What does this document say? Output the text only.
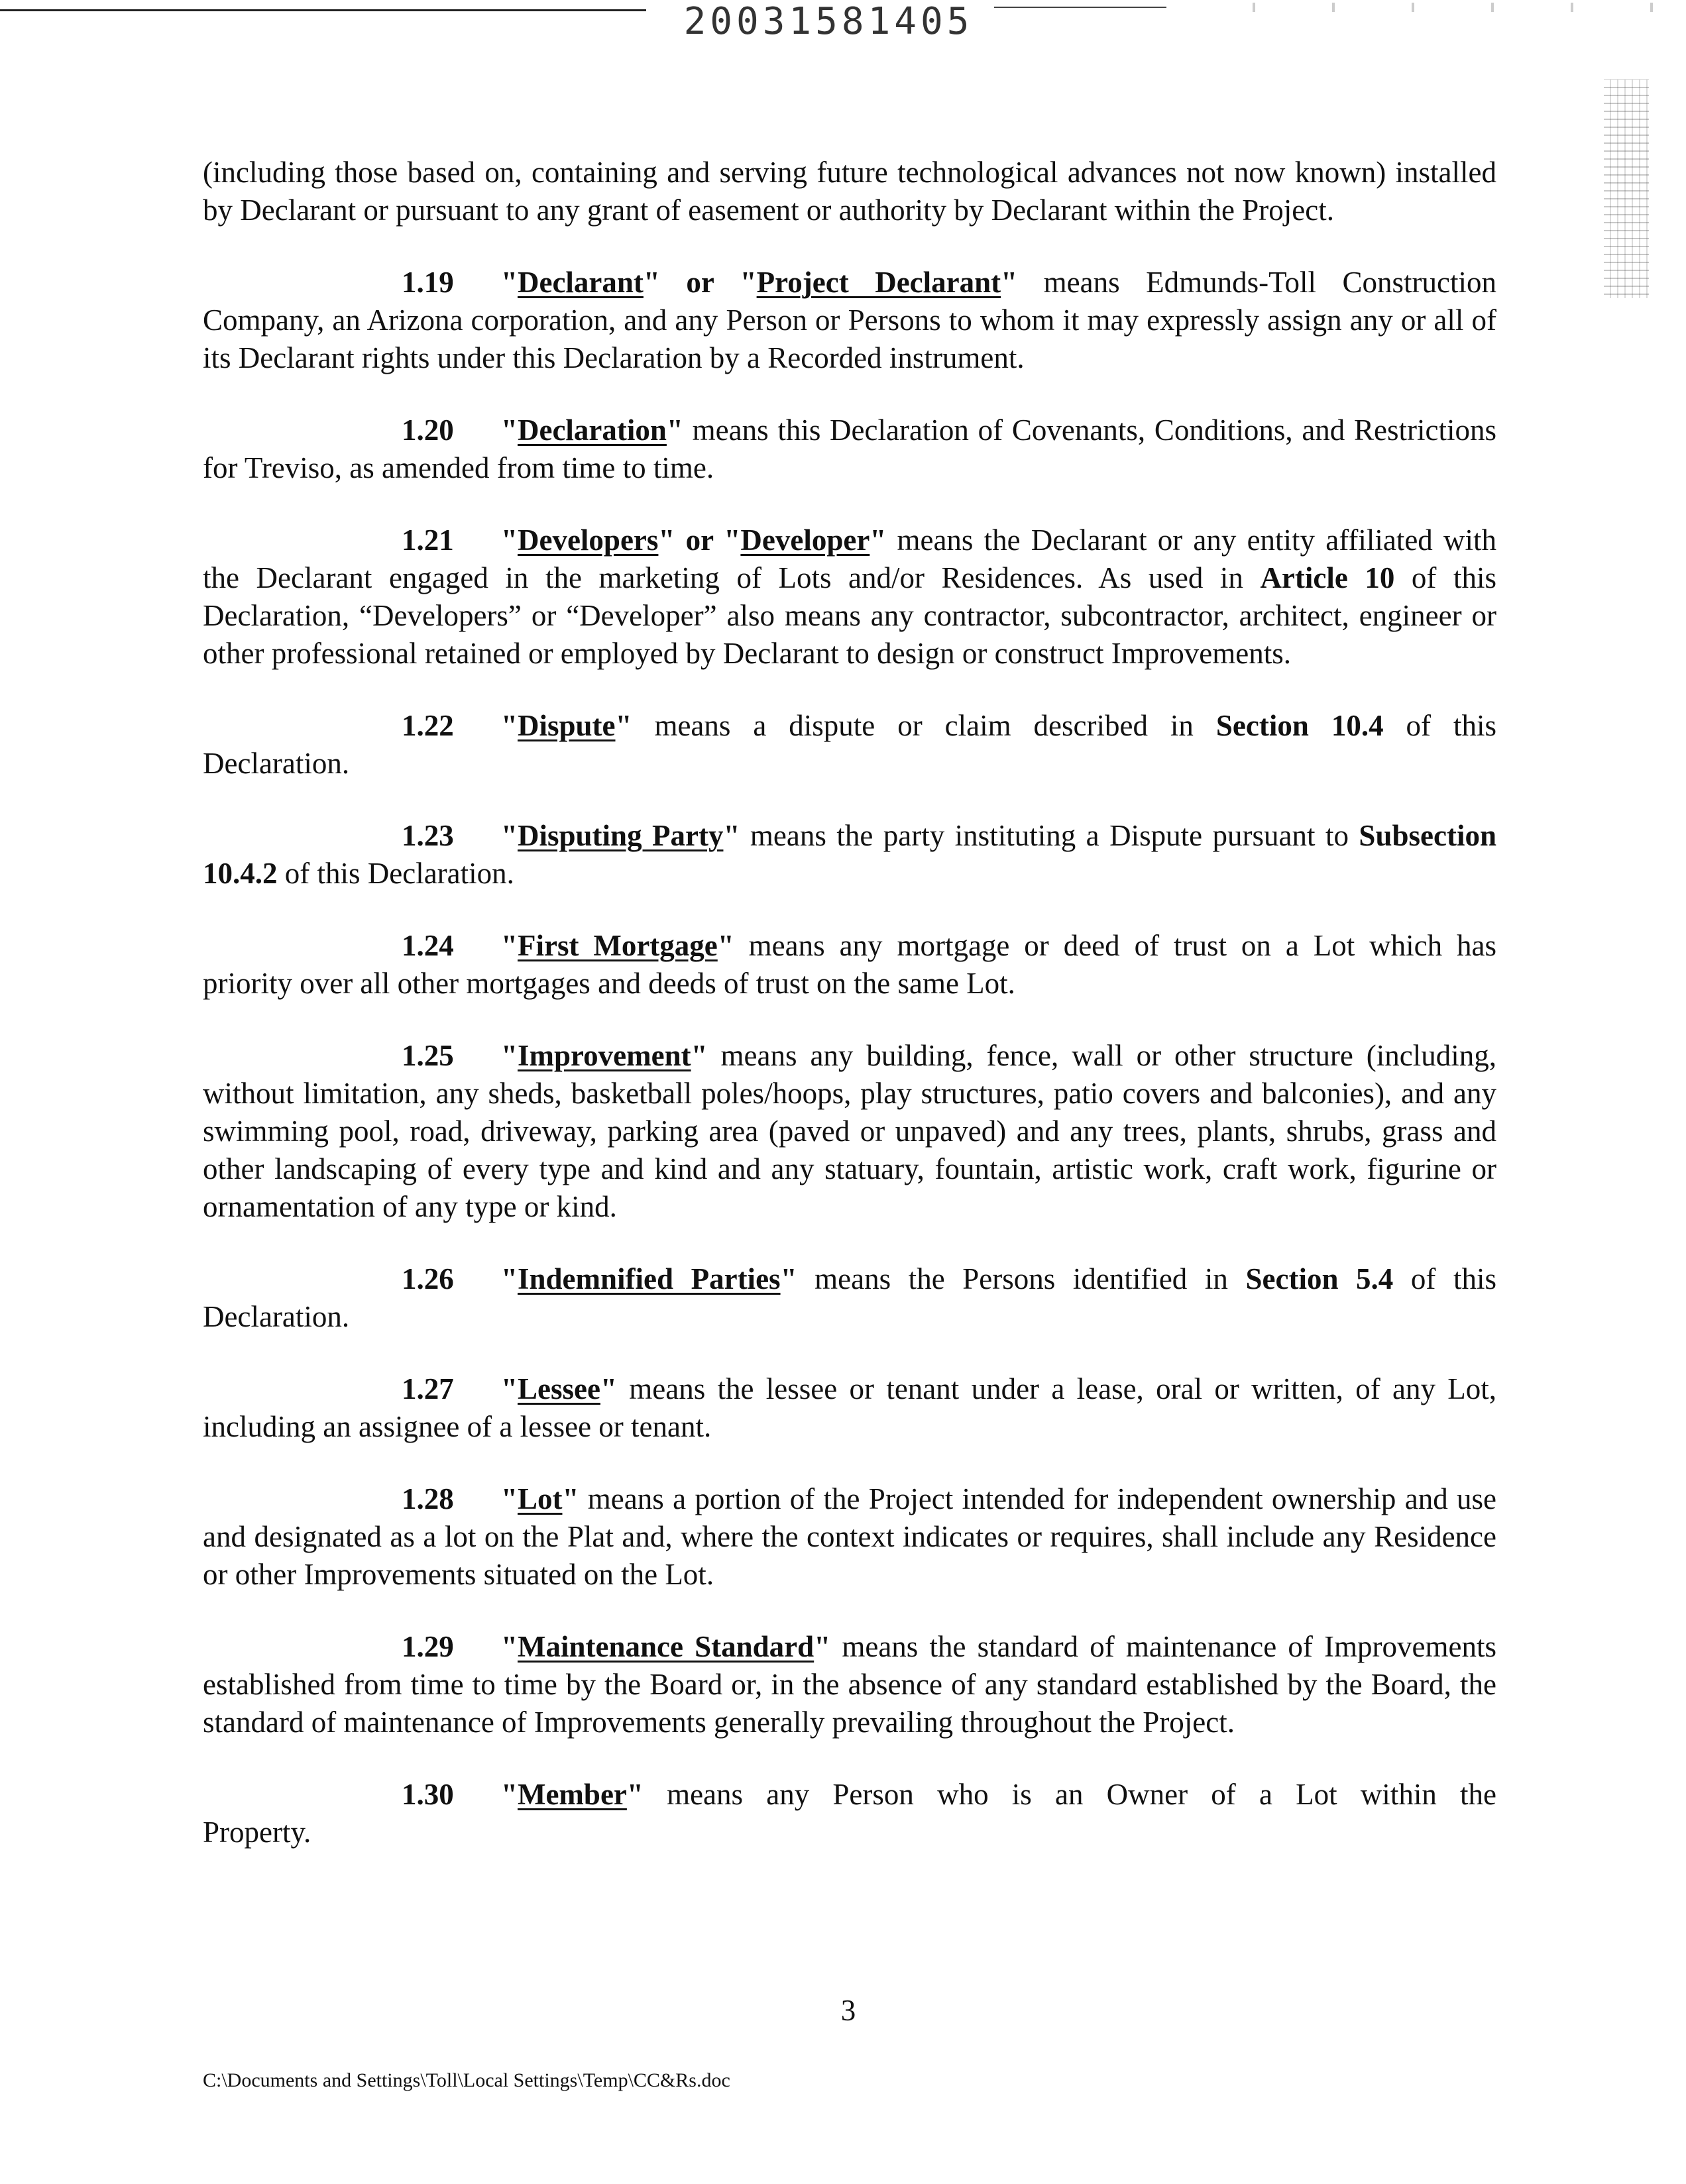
20031581405

(including those based on, containing and serving future technological advances not now known) installed by Declarant or pursuant to any grant of easement or authority by Declarant within the Project.

1.19 "Declarant" or "Project Declarant" means Edmunds-Toll Construction Company, an Arizona corporation, and any Person or Persons to whom it may expressly assign any or all of its Declarant rights under this Declaration by a Recorded instrument.

1.20 "Declaration" means this Declaration of Covenants, Conditions, and Restrictions for Treviso, as amended from time to time.

1.21 "Developers" or "Developer" means the Declarant or any entity affiliated with the Declarant engaged in the marketing of Lots and/or Residences. As used in Article 10 of this Declaration, “Developers” or “Developer” also means any contractor, subcontractor, architect, engineer or other professional retained or employed by Declarant to design or construct Improvements.

1.22 "Dispute" means a dispute or claim described in Section 10.4 of this
Declaration.

1.23 "Disputing Party" means the party instituting a Dispute pursuant to Subsection 10.4.2 of this Declaration.

1.24 "First Mortgage" means any mortgage or deed of trust on a Lot which has priority over all other mortgages and deeds of trust on the same Lot.

1.25 "Improvement" means any building, fence, wall or other structure (including, without limitation, any sheds, basketball poles/hoops, play structures, patio covers and balconies), and any swimming pool, road, driveway, parking area (paved or unpaved) and any trees, plants, shrubs, grass and other landscaping of every type and kind and any statuary, fountain, artistic work, craft work, figurine or ornamentation of any type or kind.

1.26 "Indemnified Parties" means the Persons identified in Section 5.4 of this
Declaration.

1.27 "Lessee" means the lessee or tenant under a lease, oral or written, of any Lot, including an assignee of a lessee or tenant.

1.28 "Lot" means a portion of the Project intended for independent ownership and use and designated as a lot on the Plat and, where the context indicates or requires, shall include any Residence or other Improvements situated on the Lot.

1.29 "Maintenance Standard" means the standard of maintenance of Improvements established from time to time by the Board or, in the absence of any standard established by the Board, the standard of maintenance of Improvements generally prevailing throughout the Project.

1.30 "Member" means any Person who is an Owner of a Lot within the
Property.
3
C:\Documents and Settings\Toll\Local Settings\Temp\CC&Rs.doc
